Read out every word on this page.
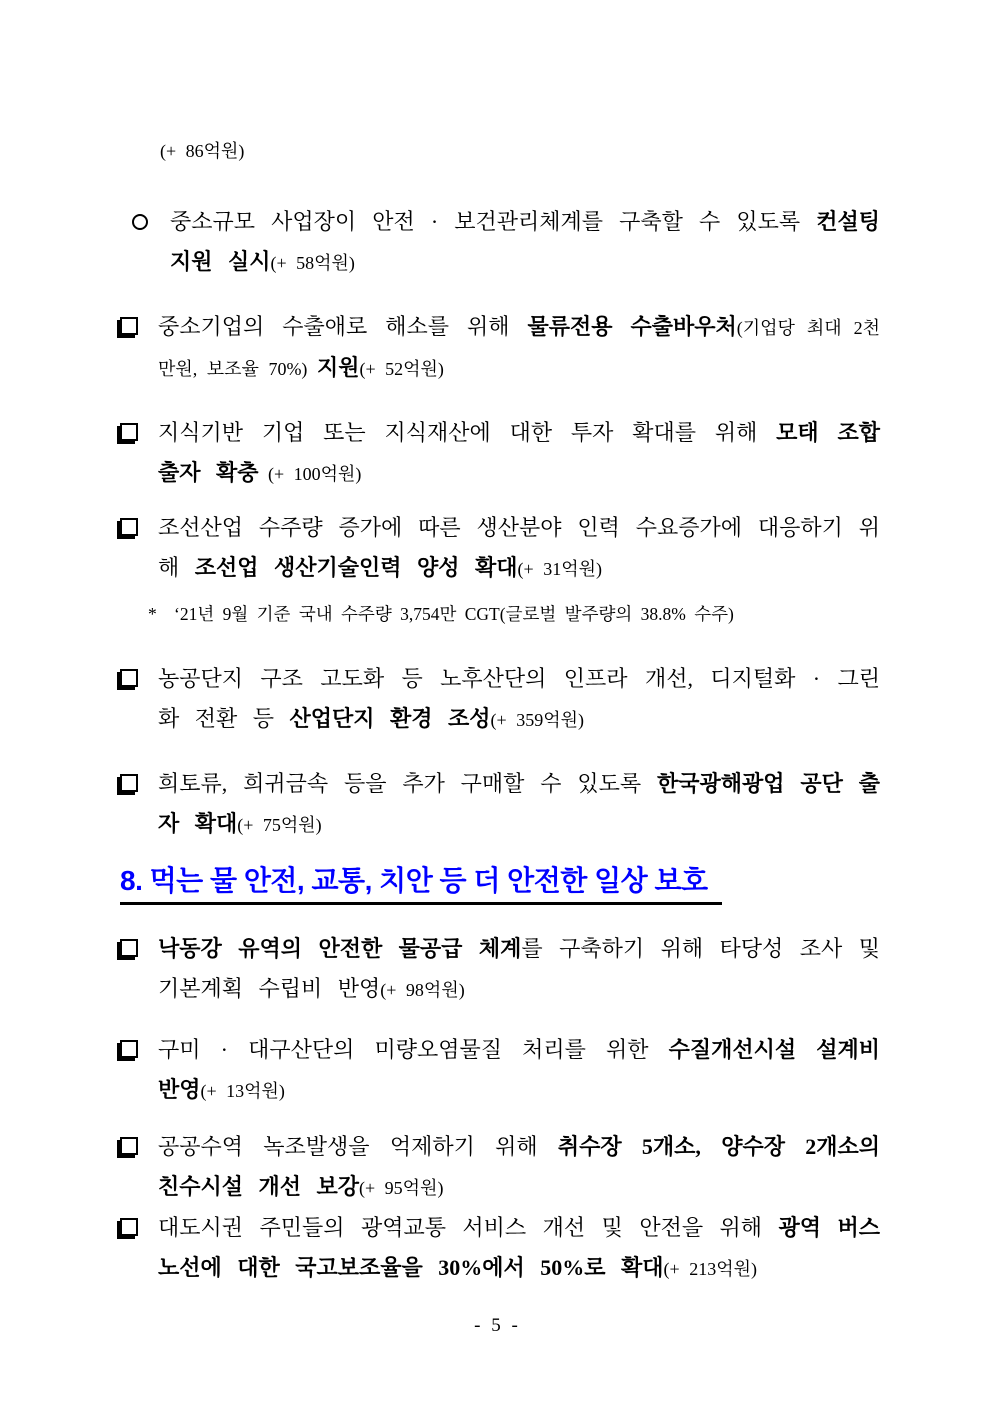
(+ 86억원)

중소규모 사업장이 안전 · 보건관리체계를 구축할 수 있도록 컨설팅 지원 실시(+ 58억원)

중소기업의 수출애로 해소를 위해 물류전용 수출바우처(기업당 최대 2천만원, 보조율 70%) 지원(+ 52억원)

지식기반 기업 또는 지식재산에 대한 투자 확대를 위해 모태 조합 출자 확충 (+ 100억원)

조선산업 수주량 증가에 따른 생산분야 인력 수요증가에 대응하기 위해 조선업 생산기술인력 양성 확대(+ 31억원)

* ‘21년 9월 기준 국내 수주량 3,754만 CGT(글로벌 발주량의 38.8% 수주)

농공단지 구조 고도화 등 노후산단의 인프라 개선, 디지털화 · 그린화 전환 등 산업단지 환경 조성(+ 359억원)

희토류, 희귀금속 등을 추가 구매할 수 있도록 한국광해광업 공단 출자 확대(+ 75억원)

8. 먹는 물 안전, 교통, 치안 등 더 안전한 일상 보호

낙동강 유역의 안전한 물공급 체계를 구축하기 위해 타당성 조사 및 기본계획 수립비 반영(+ 98억원)

구미 · 대구산단의 미량오염물질 처리를 위한 수질개선시설 설계비 반영(+ 13억원)

공공수역 녹조발생을 억제하기 위해 취수장 5개소, 양수장 2개소의 친수시설 개선 보강(+ 95억원)

대도시권 주민들의 광역교통 서비스 개선 및 안전을 위해 광역 버스 노선에 대한 국고보조율을 30%에서 50%로 확대(+ 213억원)

- 5 -
